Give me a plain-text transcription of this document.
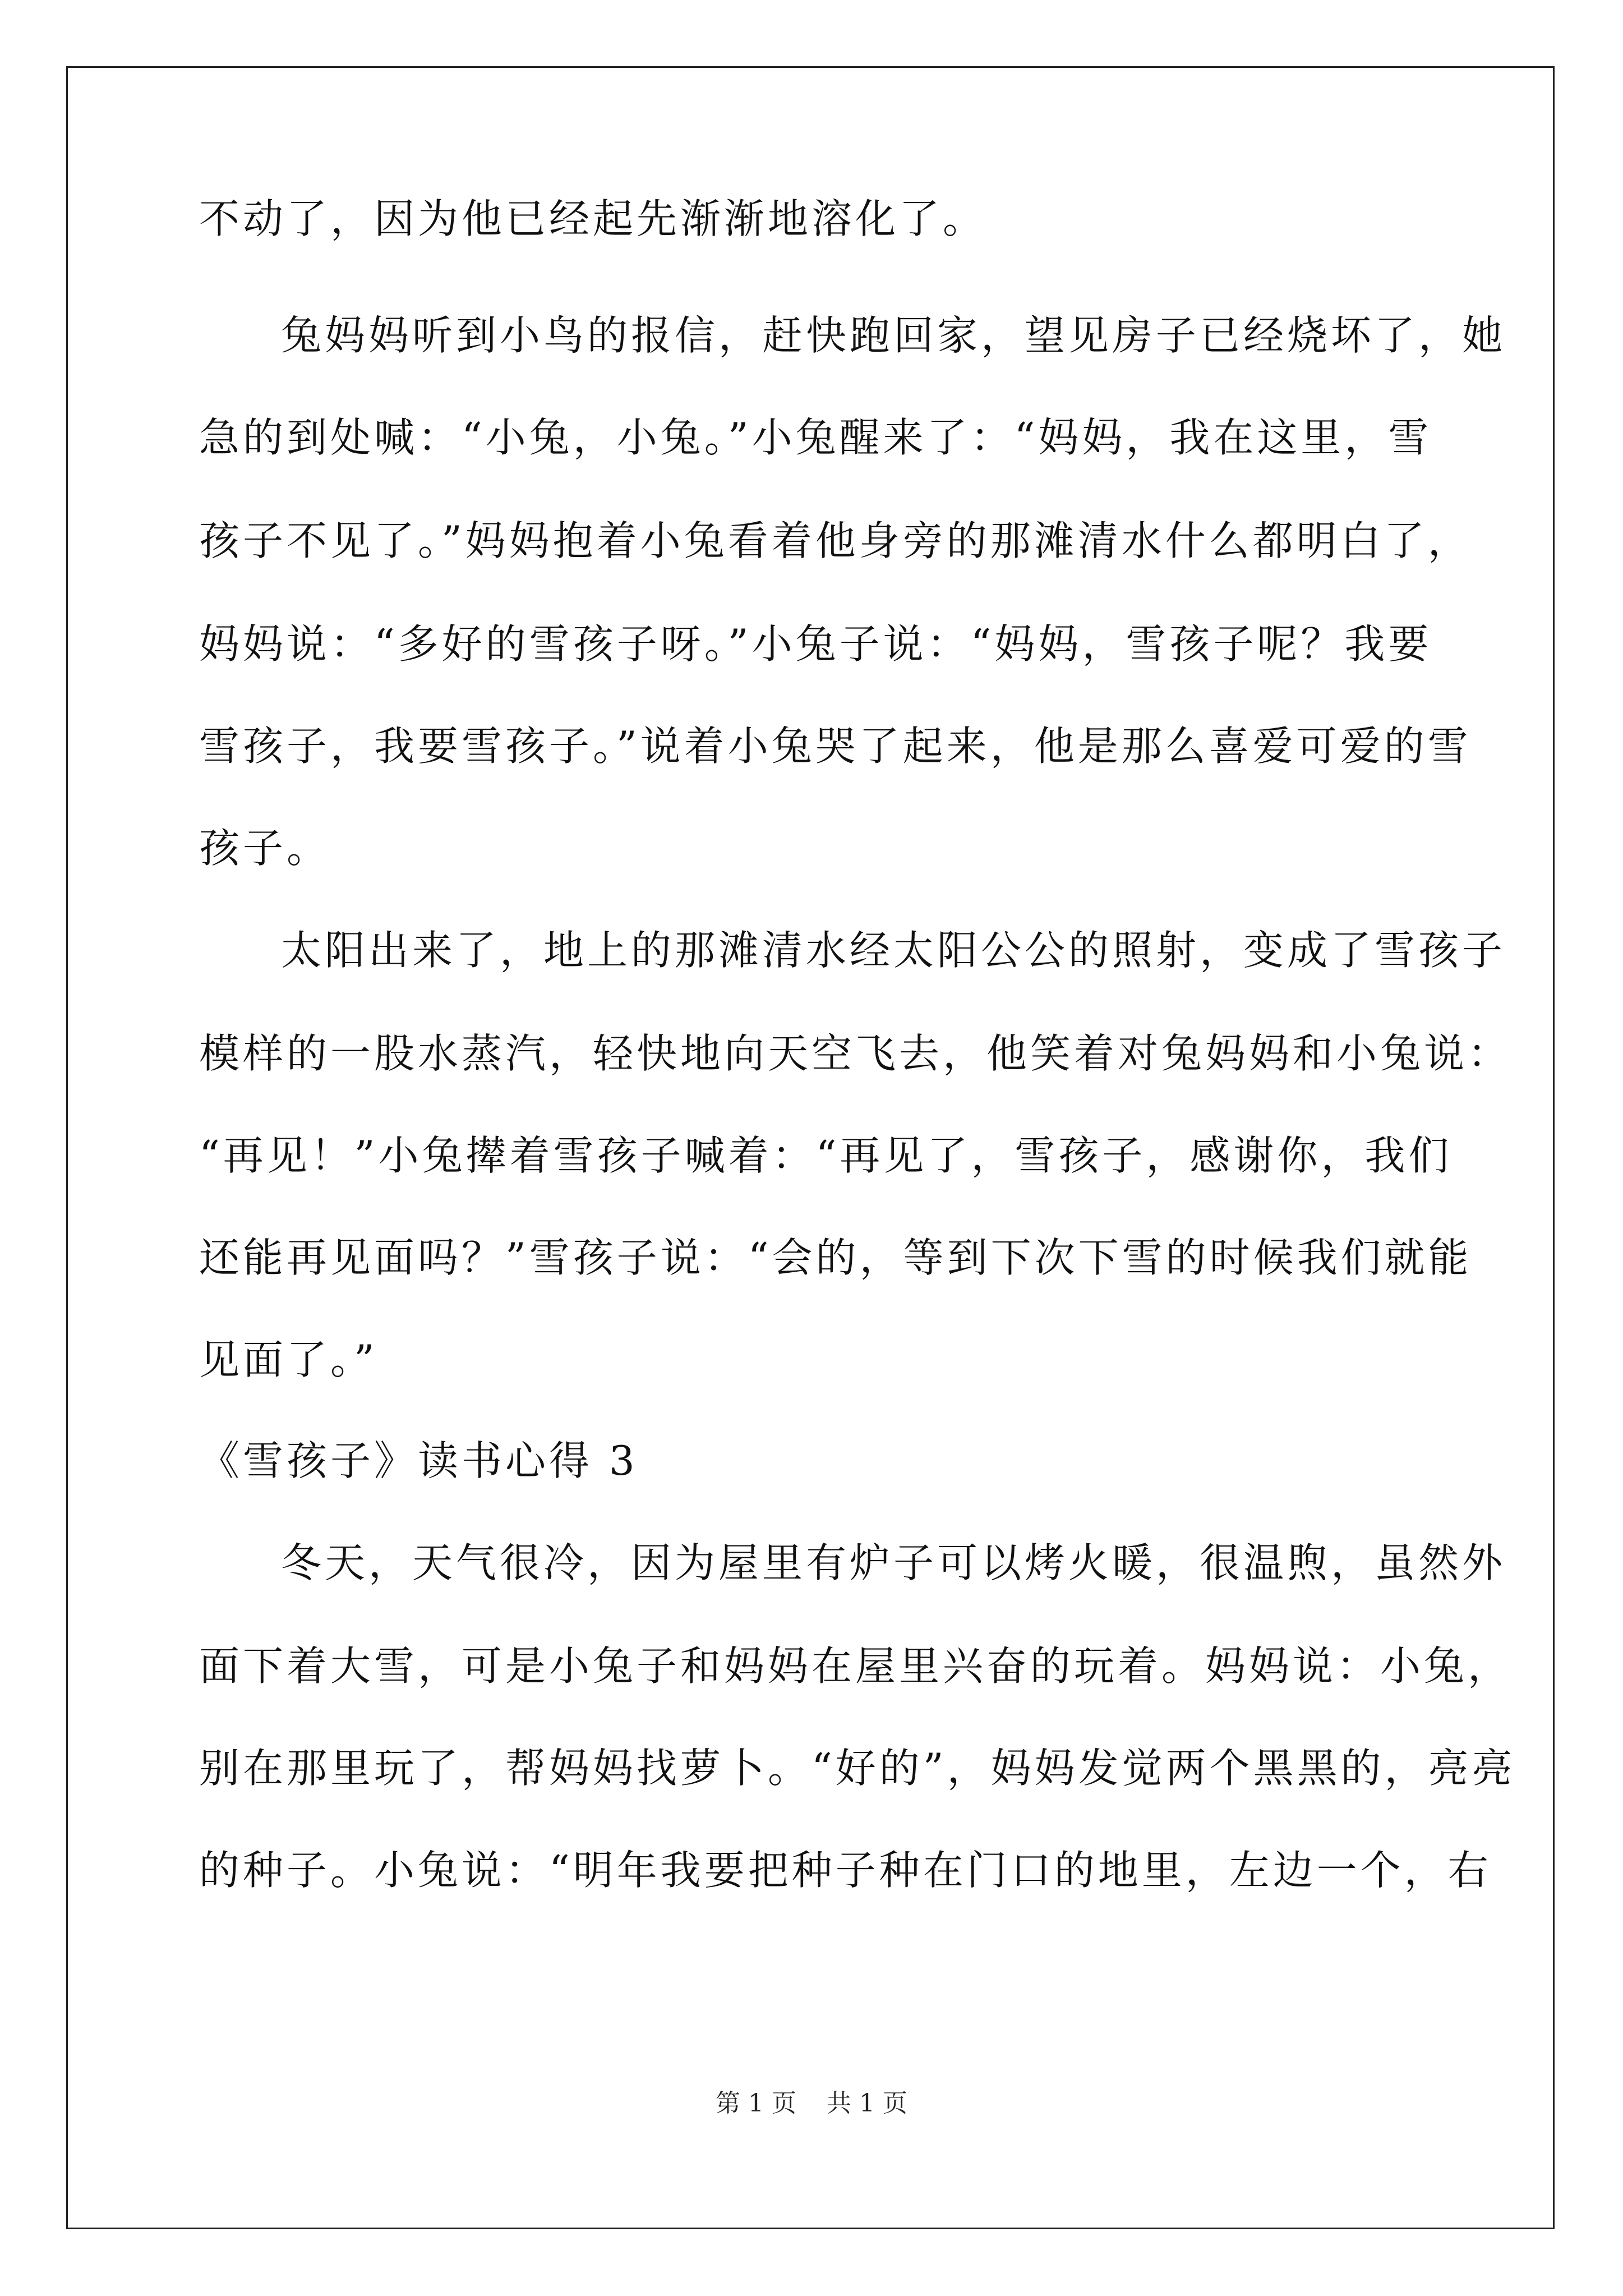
不动了，因为他已经起先渐渐地溶化了。
兔妈妈听到小鸟的报信，赶快跑回家，望见房子已经烧坏了，她
急的到处喊：“小兔，小兔。”小兔醒来了：“妈妈，我在这里，雪
孩子不见了。”妈妈抱着小兔看着他身旁的那滩清水什么都明白了，
妈妈说：“多好的雪孩子呀。”小兔子说：“妈妈，雪孩子呢？我要
雪孩子，我要雪孩子。”说着小兔哭了起来，他是那么喜爱可爱的雪
孩子。
太阳出来了，地上的那滩清水经太阳公公的照射，变成了雪孩子
模样的一股水蒸汽，轻快地向天空飞去，他笑着对兔妈妈和小兔说：
“再见！”小兔撵着雪孩子喊着：“再见了，雪孩子，感谢你，我们
还能再见面吗？”雪孩子说：“会的，等到下次下雪的时候我们就能
见面了。”
《雪孩子》读书心得 3
冬天，天气很冷，因为屋里有炉子可以烤火暖，很温煦，虽然外
面下着大雪，可是小兔子和妈妈在屋里兴奋的玩着。妈妈说：小兔，
别在那里玩了，帮妈妈找萝卜。“好的”，妈妈发觉两个黑黑的，亮亮
的种子。小兔说：“明年我要把种子种在门口的地里，左边一个，右
第 1 页 共 1 页
